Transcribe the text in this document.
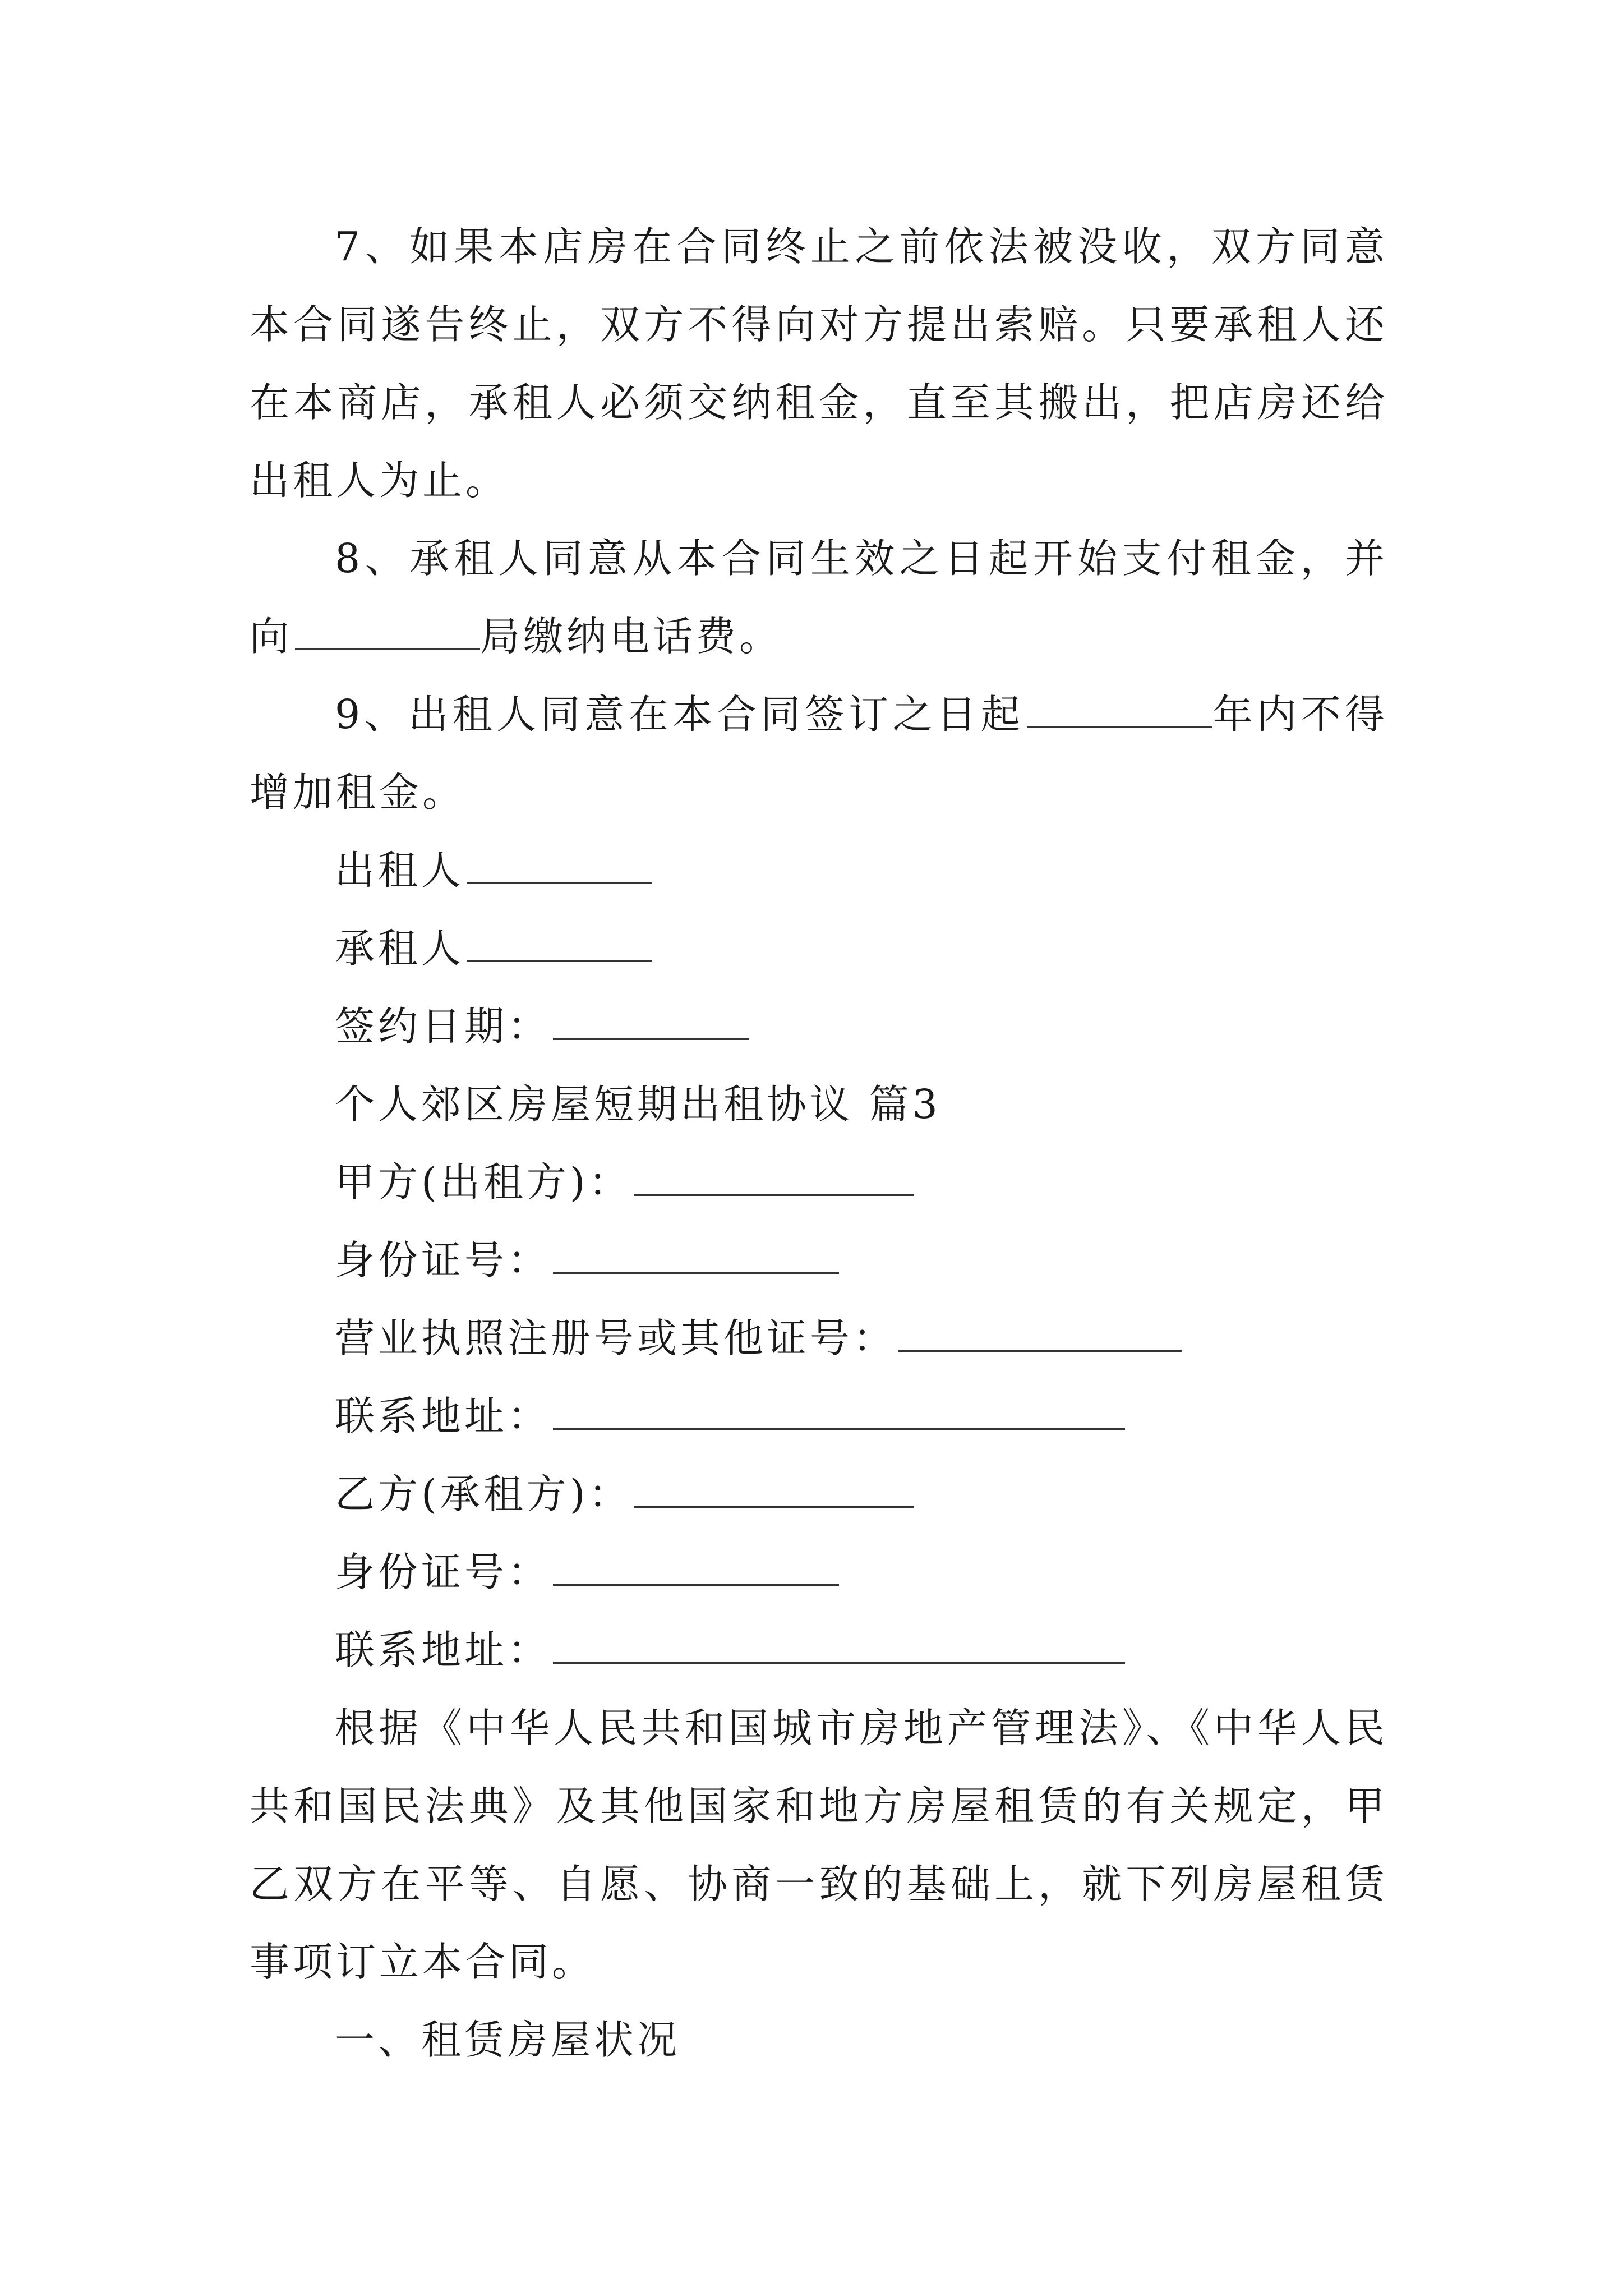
7、如果本店房在合同终止之前依法被没收，双方同意本合同遂告终止，双方不得向对方提出索赔。只要承租人还在本商店，承租人必须交纳租金，直至其搬出，把店房还给出租人为止。

8、承租人同意从本合同生效之日起开始支付租金，并向	局缴纳电话费。

9、出租人同意在本合同签订之日起	年内不得增加租金。

出租人
承租人
签约日期：
个人郊区房屋短期出租协议 篇3
甲方(出租方)：
身份证号：
营业执照注册号或其他证号：
联系地址：
乙方(承租方)：
身份证号：
联系地址：

根据《中华人民共和国城市房地产管理法》、《中华人民共和国民法典》及其他国家和地方房屋租赁的有关规定，甲乙双方在平等、自愿、协商一致的基础上，就下列房屋租赁事项订立本合同。

一、租赁房屋状况
